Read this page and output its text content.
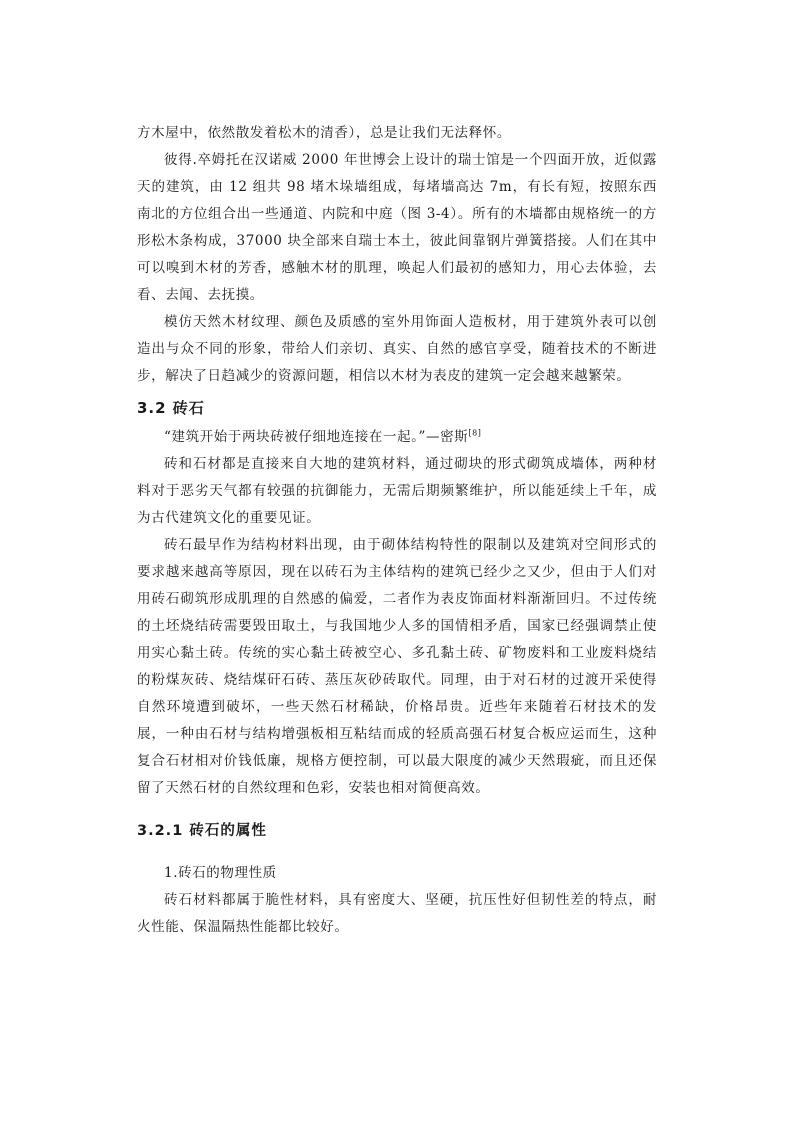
方木屋中，依然散发着松木的清香），总是让我们无法释怀。

彼得.卒姆托在汉诺威 2000 年世博会上设计的瑞士馆是一个四面开放，近似露天的建筑，由 12 组共 98 堵木垛墙组成，每堵墙高达 7m，有长有短，按照东西南北的方位组合出一些通道、内院和中庭（图 3-4）。所有的木墙都由规格统一的方形松木条构成，37000 块全部来自瑞士本土，彼此间靠钢片弹簧搭接。人们在其中可以嗅到木材的芳香，感触木材的肌理，唤起人们最初的感知力，用心去体验，去看、去闻、去抚摸。

模仿天然木材纹理、颜色及质感的室外用饰面人造板材，用于建筑外表可以创造出与众不同的形象，带给人们亲切、真实、自然的感官享受，随着技术的不断进步，解决了日趋减少的资源问题，相信以木材为表皮的建筑一定会越来越繁荣。

3.2 砖石

“建筑开始于两块砖被仔细地连接在一起。”—密斯[8]

砖和石材都是直接来自大地的建筑材料，通过砌块的形式砌筑成墙体，两种材料对于恶劣天气都有较强的抗御能力，无需后期频繁维护，所以能延续上千年，成为古代建筑文化的重要见证。

砖石最早作为结构材料出现，由于砌体结构特性的限制以及建筑对空间形式的要求越来越高等原因，现在以砖石为主体结构的建筑已经少之又少，但由于人们对用砖石砌筑形成肌理的自然感的偏爱，二者作为表皮饰面材料渐渐回归。不过传统的土坯烧结砖需要毁田取土，与我国地少人多的国情相矛盾，国家已经强调禁止使用实心黏土砖。传统的实心黏土砖被空心、多孔黏土砖、矿物废料和工业废料烧结的粉煤灰砖、烧结煤矸石砖、蒸压灰砂砖取代。同理，由于对石材的过渡开采使得自然环境遭到破坏，一些天然石材稀缺，价格昂贵。近些年来随着石材技术的发展，一种由石材与结构增强板相互粘结而成的轻质高强石材复合板应运而生，这种复合石材相对价钱低廉，规格方便控制，可以最大限度的减少天然瑕疵，而且还保留了天然石材的自然纹理和色彩，安装也相对简便高效。

3.2.1 砖石的属性

1.砖石的物理性质

砖石材料都属于脆性材料，具有密度大、坚硬，抗压性好但韧性差的特点，耐火性能、保温隔热性能都比较好。
